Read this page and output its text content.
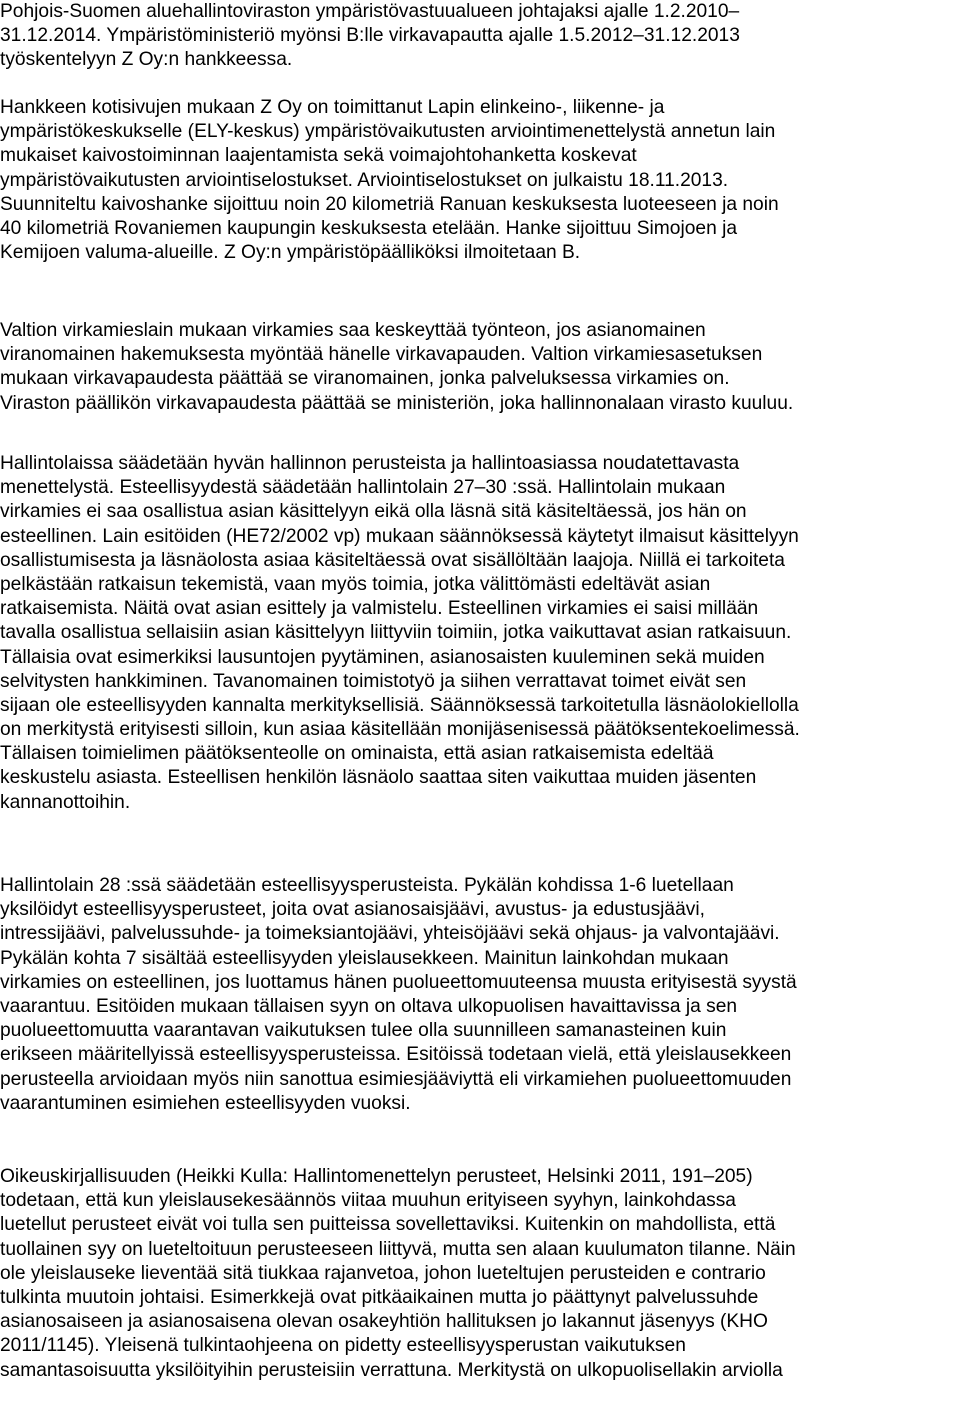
Pohjois-Suomen aluehallintoviraston ympäristövastuualueen johtajaksi ajalle 1.2.2010–
31.12.2014. Ympäristöministeriö myönsi B:lle virkavapautta ajalle 1.5.2012–31.12.2013
työskentelyyn Z Oy:n hankkeessa.
Hankkeen kotisivujen mukaan Z Oy on toimittanut Lapin elinkeino-, liikenne- ja
ympäristökeskukselle (ELY-keskus) ympäristövaikutusten arviointimenettelystä annetun lain
mukaiset kaivostoiminnan laajentamista sekä voimajohtohanketta koskevat
ympäristövaikutusten arviointiselostukset. Arviointiselostukset on julkaistu 18.11.2013.
Suunniteltu kaivoshanke sijoittuu noin 20 kilometriä Ranuan keskuksesta luoteeseen ja noin
40 kilometriä Rovaniemen kaupungin keskuksesta etelään. Hanke sijoittuu Simojoen ja
Kemijoen valuma-alueille. Z Oy:n ympäristöpäälliköksi ilmoitetaan B.
Valtion virkamieslain mukaan virkamies saa keskeyttää työnteon, jos asianomainen
viranomainen hakemuksesta myöntää hänelle virkavapauden. Valtion virkamiesasetuksen
mukaan virkavapaudesta päättää se viranomainen, jonka palveluksessa virkamies on.
Viraston päällikön virkavapaudesta päättää se ministeriön, joka hallinnonalaan virasto kuuluu.
Hallintolaissa säädetään hyvän hallinnon perusteista ja hallintoasiassa noudatettavasta
menettelystä. Esteellisyydestä säädetään hallintolain 27–30 :ssä. Hallintolain mukaan
virkamies ei saa osallistua asian käsittelyyn eikä olla läsnä sitä käsiteltäessä, jos hän on
esteellinen. Lain esitöiden (HE72/2002 vp) mukaan säännöksessä käytetyt ilmaisut käsittelyyn
osallistumisesta ja läsnäolosta asiaa käsiteltäessä ovat sisällöltään laajoja. Niillä ei tarkoiteta
pelkästään ratkaisun tekemistä, vaan myös toimia, jotka välittömästi edeltävät asian
ratkaisemista. Näitä ovat asian esittely ja valmistelu. Esteellinen virkamies ei saisi millään
tavalla osallistua sellaisiin asian käsittelyyn liittyviin toimiin, jotka vaikuttavat asian ratkaisuun.
Tällaisia ovat esimerkiksi lausuntojen pyytäminen, asianosaisten kuuleminen sekä muiden
selvitysten hankkiminen. Tavanomainen toimistotyö ja siihen verrattavat toimet eivät sen
sijaan ole esteellisyyden kannalta merkityksellisiä. Säännöksessä tarkoitetulla läsnäolokiellolla
on merkitystä erityisesti silloin, kun asiaa käsitellään monijäsenisessä päätöksentekoelimessä.
Tällaisen toimielimen päätöksenteolle on ominaista, että asian ratkaisemista edeltää
keskustelu asiasta. Esteellisen henkilön läsnäolo saattaa siten vaikuttaa muiden jäsenten
kannanottoihin.
Hallintolain 28 :ssä säädetään esteellisyysperusteista. Pykälän kohdissa 1-6 luetellaan
yksilöidyt esteellisyysperusteet, joita ovat asianosaisjäävi, avustus- ja edustusjäävi,
intressijäävi, palvelussuhde- ja toimeksiantojäävi, yhteisöjäävi sekä ohjaus- ja valvontajäävi.
Pykälän kohta 7 sisältää esteellisyyden yleislausekkeen. Mainitun lainkohdan mukaan
virkamies on esteellinen, jos luottamus hänen puolueettomuuteensa muusta erityisestä syystä
vaarantuu. Esitöiden mukaan tällaisen syyn on oltava ulkopuolisen havaittavissa ja sen
puolueettomuutta vaarantavan vaikutuksen tulee olla suunnilleen samanasteinen kuin
erikseen määritellyissä esteellisyysperusteissa. Esitöissä todetaan vielä, että yleislausekkeen
perusteella arvioidaan myös niin sanottua esimiesjääviyttä eli virkamiehen puolueettomuuden
vaarantuminen esimiehen esteellisyyden vuoksi.
Oikeuskirjallisuuden (Heikki Kulla: Hallintomenettelyn perusteet, Helsinki 2011, 191–205)
todetaan, että kun yleislausekesäännös viitaa muuhun erityiseen syyhyn, lainkohdassa
luetellut perusteet eivät voi tulla sen puitteissa sovellettaviksi. Kuitenkin on mahdollista, että
tuollainen syy on lueteltoituun perusteeseen liittyvä, mutta sen alaan kuulumaton tilanne. Näin
ole yleislauseke lieventää sitä tiukkaa rajanvetoa, johon lueteltujen perusteiden e contrario
tulkinta muutoin johtaisi. Esimerkkejä ovat pitkäaikainen mutta jo päättynyt palvelussuhde
asianosaiseen ja asianosaisena olevan osakeyhtiön hallituksen jo lakannut jäsenyys (KHO
2011/1145). Yleisenä tulkintaohjeena on pidetty esteellisyysperustan vaikutuksen
samantasoisuutta yksilöityihin perusteisiin verrattuna. Merkitystä on ulkopuolisellakin arviolla
